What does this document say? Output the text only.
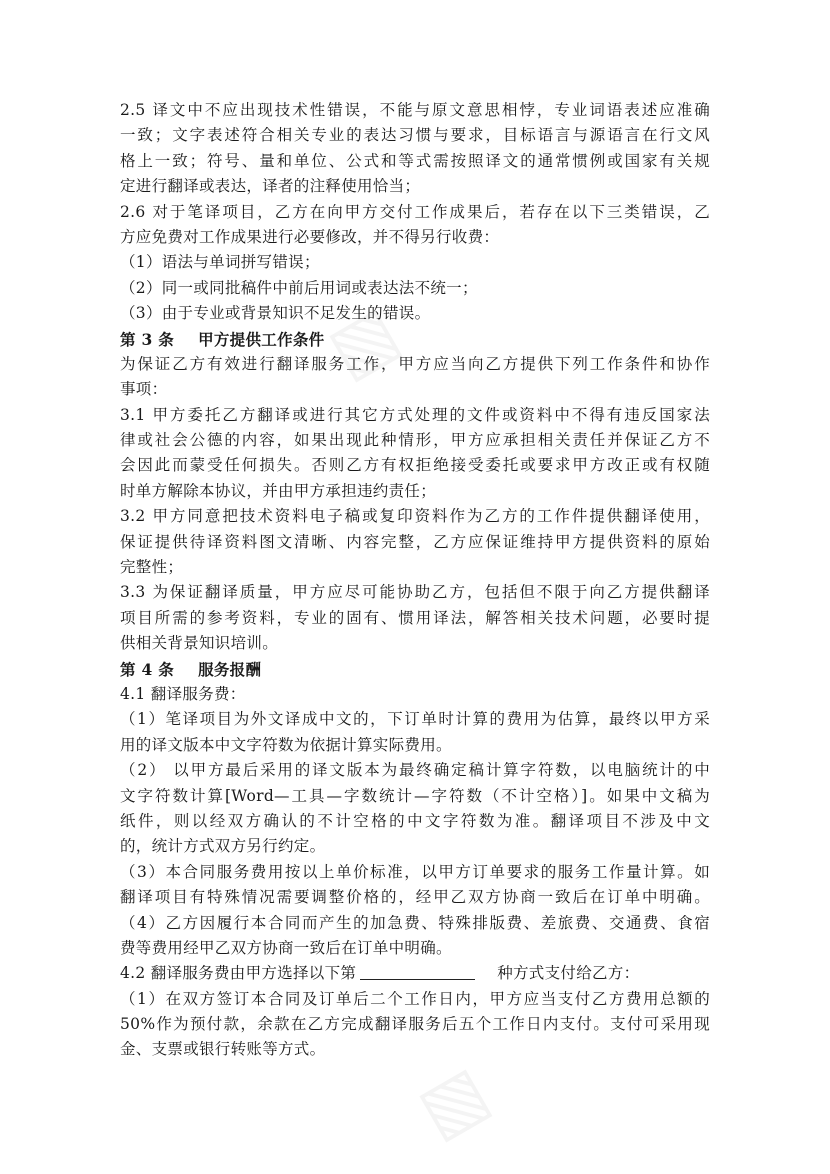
2.5 译文中不应出现技术性错误，不能与原文意思相悖，专业词语表述应准确
一致；文字表述符合相关专业的表达习惯与要求，目标语言与源语言在行文风
格上一致；符号、量和单位、公式和等式需按照译文的通常惯例或国家有关规
定进行翻译或表达，译者的注释使用恰当；
2.6 对于笔译项目，乙方在向甲方交付工作成果后，若存在以下三类错误，乙
方应免费对工作成果进行必要修改，并不得另行收费：
（1）语法与单词拼写错误；
（2）同一或同批稿件中前后用词或表达法不统一；
（3）由于专业或背景知识不足发生的错误。
第 3 条 甲方提供工作条件
为保证乙方有效进行翻译服务工作，甲方应当向乙方提供下列工作条件和协作
事项：
3.1 甲方委托乙方翻译或进行其它方式处理的文件或资料中不得有违反国家法
律或社会公德的内容，如果出现此种情形，甲方应承担相关责任并保证乙方不
会因此而蒙受任何损失。否则乙方有权拒绝接受委托或要求甲方改正或有权随
时单方解除本协议，并由甲方承担违约责任；
3.2 甲方同意把技术资料电子稿或复印资料作为乙方的工作件提供翻译使用，
保证提供待译资料图文清晰、内容完整，乙方应保证维持甲方提供资料的原始
完整性；
3.3 为保证翻译质量，甲方应尽可能协助乙方，包括但不限于向乙方提供翻译
项目所需的参考资料，专业的固有、惯用译法，解答相关技术问题，必要时提
供相关背景知识培训。
第 4 条 服务报酬
4.1 翻译服务费：
（1）笔译项目为外文译成中文的，下订单时计算的费用为估算，最终以甲方采
用的译文版本中文字符数为依据计算实际费用。
（2） 以甲方最后采用的译文版本为最终确定稿计算字符数，以电脑统计的中
文字符数计算[Word—工具—字数统计—字符数（不计空格）]。如果中文稿为
纸件，则以经双方确认的不计空格的中文字符数为准。翻译项目不涉及中文
的，统计方式双方另行约定。
（3）本合同服务费用按以上单价标准，以甲方订单要求的服务工作量计算。如
翻译项目有特殊情况需要调整价格的，经甲乙双方协商一致后在订单中明确。
（4）乙方因履行本合同而产生的加急费、特殊排版费、差旅费、交通费、食宿
费等费用经甲乙双方协商一致后在订单中明确。
4.2 翻译服务费由甲方选择以下第	种方式支付给乙方：
（1）在双方签订本合同及订单后二个工作日内，甲方应当支付乙方费用总额的
50%作为预付款，余款在乙方完成翻译服务后五个工作日内支付。支付可采用现
金、支票或银行转账等方式。
